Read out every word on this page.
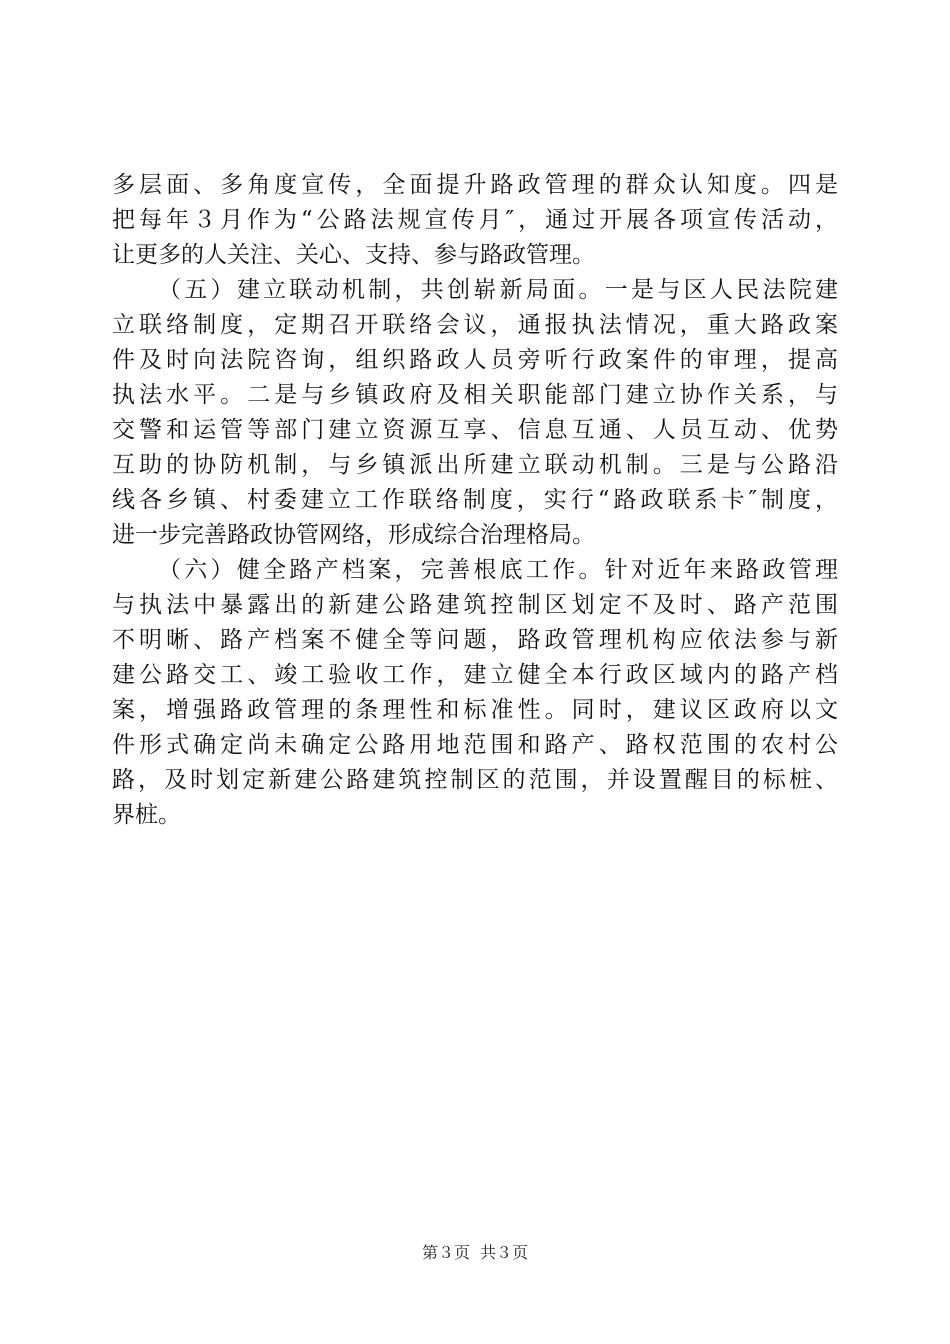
多层面、多角度宣传，全面提升路政管理的群众认知度。四是
把每年３月作为“公路法规宣传月″，通过开展各项宣传活动，
让更多的人关注、关心、支持、参与路政管理。
（五）建立联动机制，共创崭新局面。一是与区人民法院建
立联络制度，定期召开联络会议，通报执法情况，重大路政案
件及时向法院咨询，组织路政人员旁听行政案件的审理，提高
执法水平。二是与乡镇政府及相关职能部门建立协作关系，与
交警和运管等部门建立资源互享、信息互通、人员互动、优势
互助的协防机制，与乡镇派出所建立联动机制。三是与公路沿
线各乡镇、村委建立工作联络制度，实行“路政联系卡″制度，
进一步完善路政协管网络，形成综合治理格局。
（六）健全路产档案，完善根底工作。针对近年来路政管理
与执法中暴露出的新建公路建筑控制区划定不及时、路产范围
不明晰、路产档案不健全等问题，路政管理机构应依法参与新
建公路交工、竣工验收工作，建立健全本行政区域内的路产档
案，增强路政管理的条理性和标准性。同时，建议区政府以文
件形式确定尚未确定公路用地范围和路产、路权范围的农村公
路，及时划定新建公路建筑控制区的范围，并设置醒目的标桩、
界桩。
第３页 共３页
